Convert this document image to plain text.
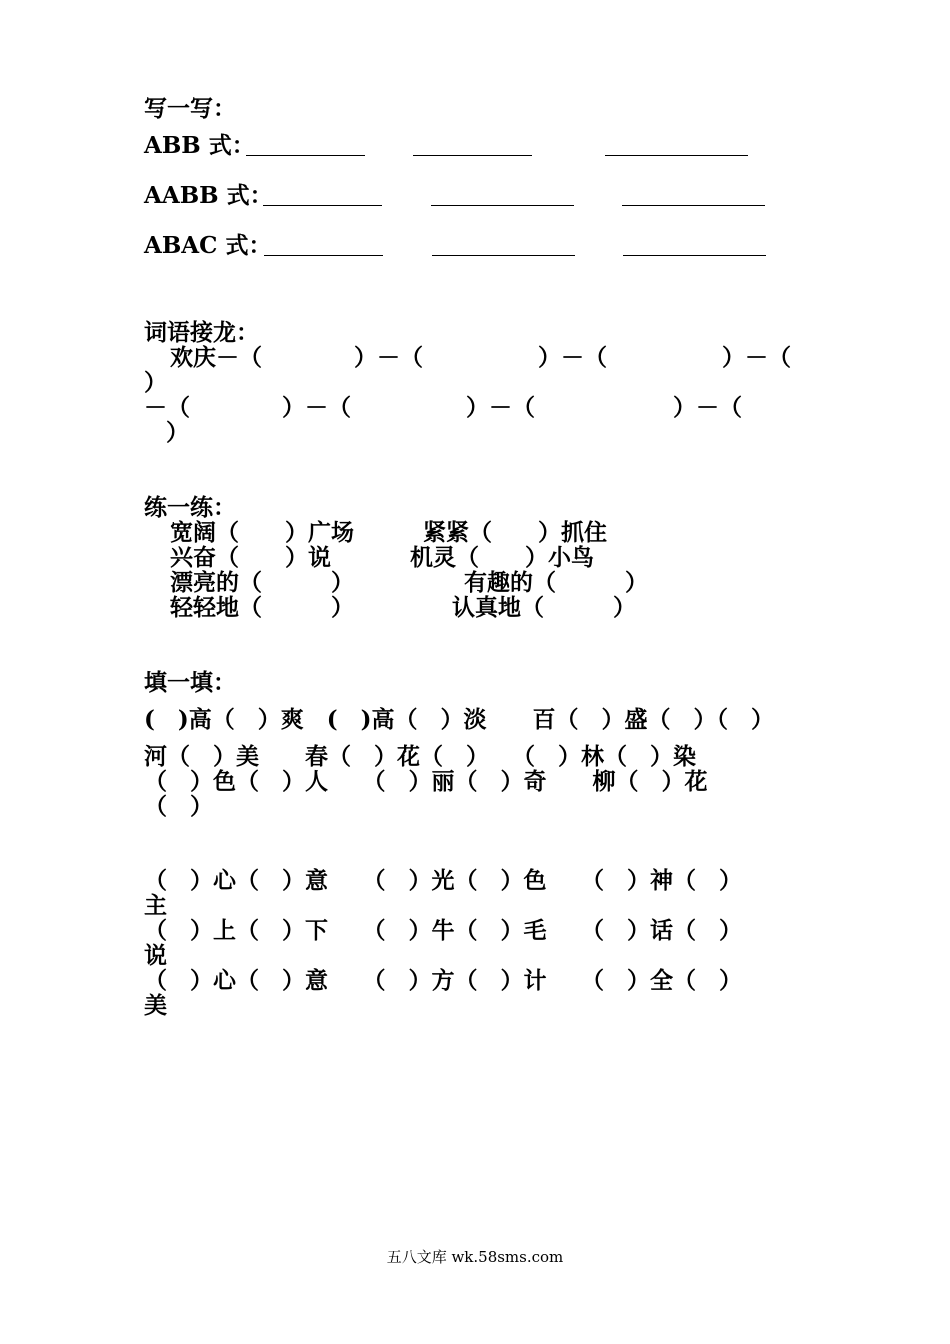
写一写：
ABB 式：
AABB 式：
ABAC 式：
词语接龙：
欢庆－（　　　　）－（　　　　　）－（　　　　　）－（
）
－（　　　　）－（　　　　　）－（　　　　　　）－（
）
练一练：
宽阔（　　）广场	紧紧（　　）抓住
兴奋（　　）说	机灵（　　）小鸟
漂亮的（　　　）	有趣的（　　　）
轻轻地（　　　）	认真地（　　　）
填一填：
(　)高（　）爽　(　)高（　）淡　　百（　）盛（　）（　）
河（　）美　　春（　）花（　）　　（　）林（　）染
（　）色（　）人　　（　）丽（　）奇　　柳（　）花
（　）
（　）心（　）意　　（　）光（　）色　　（　）神（　）
主
（　）上（　）下　　（　）牛（　）毛　　（　）话（　）
说
（　）心（　）意　　（　）方（　）计　　（　）全（　）
美
五八文库 wk.58sms.com
